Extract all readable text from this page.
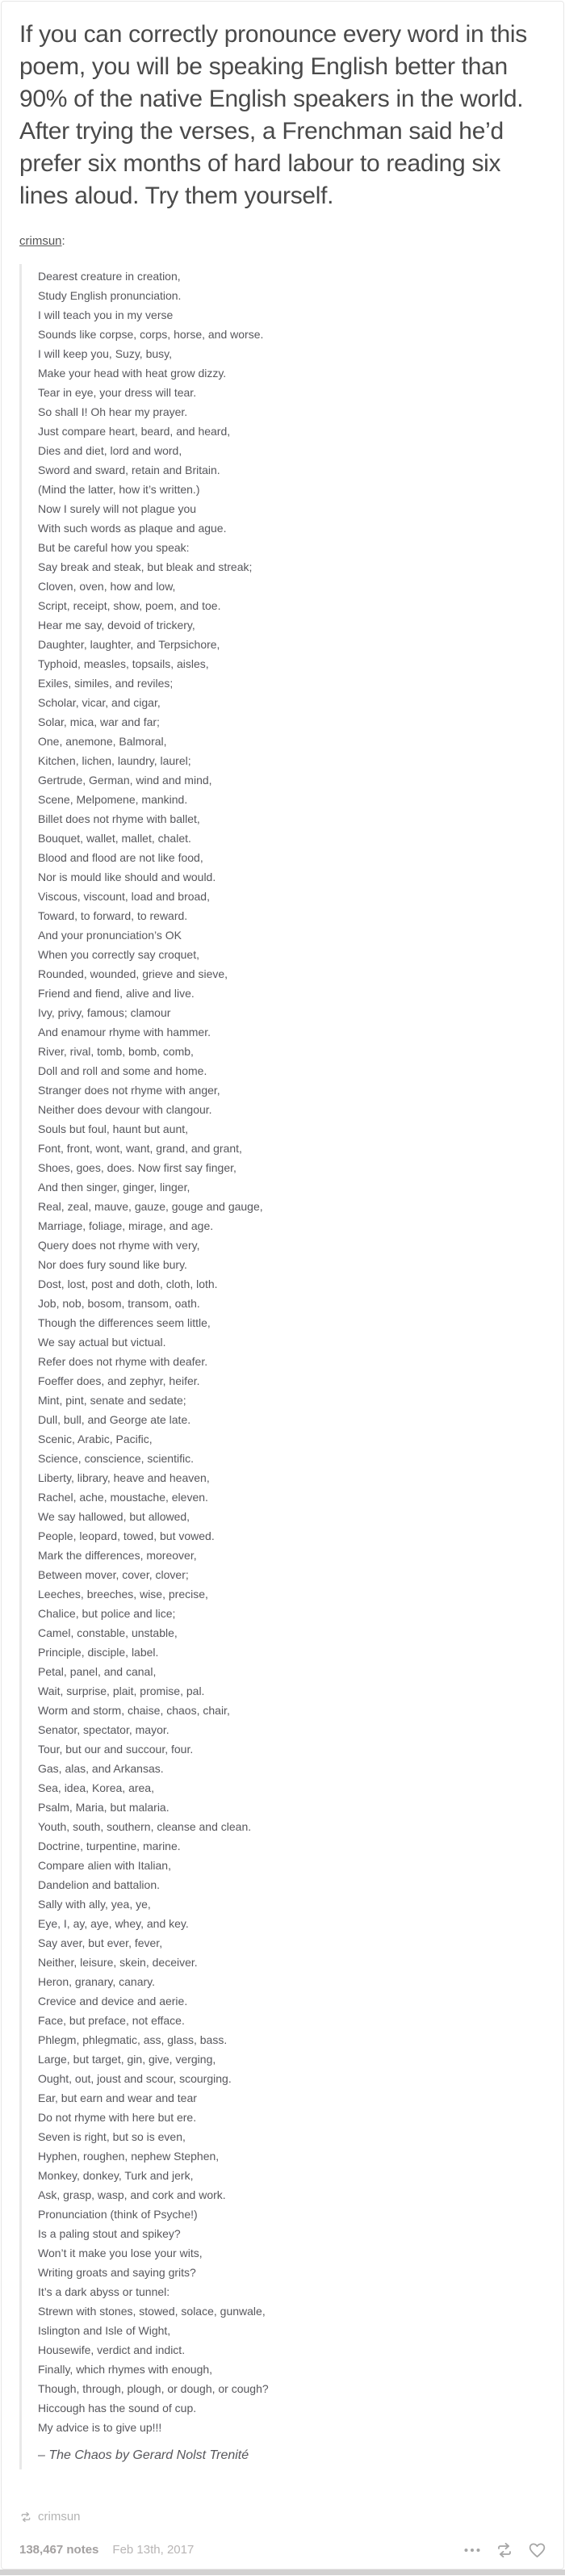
If you can correctly pronounce every word in this poem, you will be speaking English better than 90% of the native English speakers in the world. After trying the verses, a Frenchman said he’d prefer six months of hard labour to reading six lines aloud. Try them yourself.

crimsun:
Dearest creature in creation,
Study English pronunciation.
I will teach you in my verse
Sounds like corpse, corps, horse, and worse.
I will keep you, Suzy, busy,
Make your head with heat grow dizzy.
Tear in eye, your dress will tear.
So shall I! Oh hear my prayer.
Just compare heart, beard, and heard,
Dies and diet, lord and word,
Sword and sward, retain and Britain.
(Mind the latter, how it’s written.)
Now I surely will not plague you
With such words as plaque and ague.
But be careful how you speak:
Say break and steak, but bleak and streak;
Cloven, oven, how and low,
Script, receipt, show, poem, and toe.
Hear me say, devoid of trickery,
Daughter, laughter, and Terpsichore,
Typhoid, measles, topsails, aisles,
Exiles, similes, and reviles;
Scholar, vicar, and cigar,
Solar, mica, war and far;
One, anemone, Balmoral,
Kitchen, lichen, laundry, laurel;
Gertrude, German, wind and mind,
Scene, Melpomene, mankind.
Billet does not rhyme with ballet,
Bouquet, wallet, mallet, chalet.
Blood and flood are not like food,
Nor is mould like should and would.
Viscous, viscount, load and broad,
Toward, to forward, to reward.
And your pronunciation’s OK
When you correctly say croquet,
Rounded, wounded, grieve and sieve,
Friend and fiend, alive and live.
Ivy, privy, famous; clamour
And enamour rhyme with hammer.
River, rival, tomb, bomb, comb,
Doll and roll and some and home.
Stranger does not rhyme with anger,
Neither does devour with clangour.
Souls but foul, haunt but aunt,
Font, front, wont, want, grand, and grant,
Shoes, goes, does. Now first say finger,
And then singer, ginger, linger,
Real, zeal, mauve, gauze, gouge and gauge,
Marriage, foliage, mirage, and age.
Query does not rhyme with very,
Nor does fury sound like bury.
Dost, lost, post and doth, cloth, loth.
Job, nob, bosom, transom, oath.
Though the differences seem little,
We say actual but victual.
Refer does not rhyme with deafer.
Foeffer does, and zephyr, heifer.
Mint, pint, senate and sedate;
Dull, bull, and George ate late.
Scenic, Arabic, Pacific,
Science, conscience, scientific.
Liberty, library, heave and heaven,
Rachel, ache, moustache, eleven.
We say hallowed, but allowed,
People, leopard, towed, but vowed.
Mark the differences, moreover,
Between mover, cover, clover;
Leeches, breeches, wise, precise,
Chalice, but police and lice;
Camel, constable, unstable,
Principle, disciple, label.
Petal, panel, and canal,
Wait, surprise, plait, promise, pal.
Worm and storm, chaise, chaos, chair,
Senator, spectator, mayor.
Tour, but our and succour, four.
Gas, alas, and Arkansas.
Sea, idea, Korea, area,
Psalm, Maria, but malaria.
Youth, south, southern, cleanse and clean.
Doctrine, turpentine, marine.
Compare alien with Italian,
Dandelion and battalion.
Sally with ally, yea, ye,
Eye, I, ay, aye, whey, and key.
Say aver, but ever, fever,
Neither, leisure, skein, deceiver.
Heron, granary, canary.
Crevice and device and aerie.
Face, but preface, not efface.
Phlegm, phlegmatic, ass, glass, bass.
Large, but target, gin, give, verging,
Ought, out, joust and scour, scourging.
Ear, but earn and wear and tear
Do not rhyme with here but ere.
Seven is right, but so is even,
Hyphen, roughen, nephew Stephen,
Monkey, donkey, Turk and jerk,
Ask, grasp, wasp, and cork and work.
Pronunciation (think of Psyche!)
Is a paling stout and spikey?
Won’t it make you lose your wits,
Writing groats and saying grits?
It’s a dark abyss or tunnel:
Strewn with stones, stowed, solace, gunwale,
Islington and Isle of Wight,
Housewife, verdict and indict.
Finally, which rhymes with enough,
Though, through, plough, or dough, or cough?
Hiccough has the sound of cup.
My advice is to give up!!!

– The Chaos by Gerard Nolst Trenité

crimsun
138,467 notes Feb 13th, 2017
